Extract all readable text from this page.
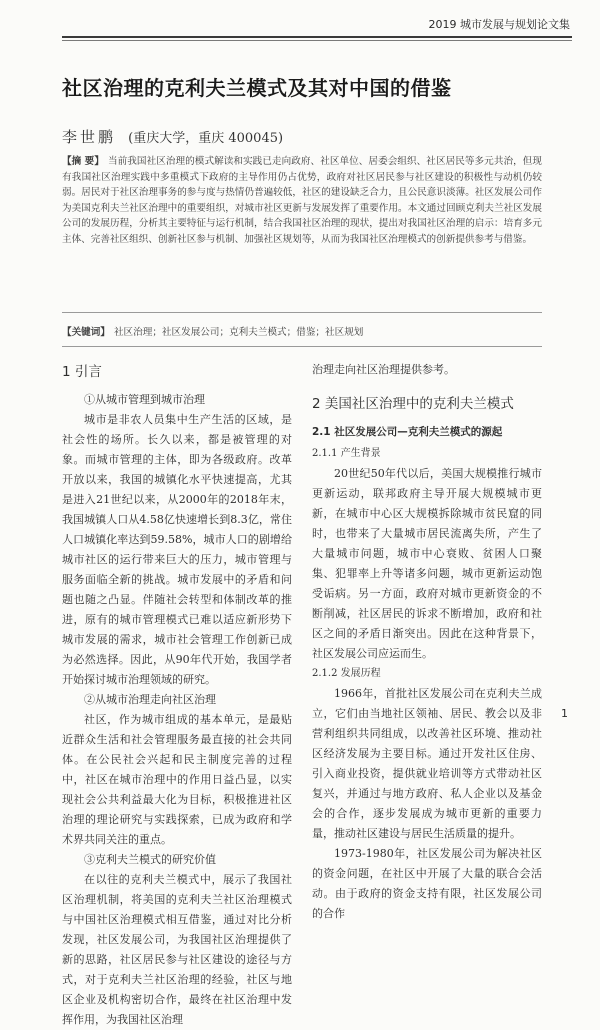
2019 城市发展与规划论文集
社区治理的克利夫兰模式及其对中国的借鉴
李世鹏 (重庆大学，重庆 400045)
【摘 要】 当前我国社区治理的模式解读和实践已走向政府、社区单位、居委会组织、社区居民等多元共治，但现有我国社区治理实践中多重模式下政府的主导作用仍占优势，政府对社区居民参与社区建设的积极性与动机仍较弱。居民对于社区治理事务的参与度与热情仍普遍较低，社区的建设缺乏合力，且公民意识淡薄。社区发展公司作为美国克利夫兰社区治理中的重要组织，对城市社区更新与发展发挥了重要作用。本文通过回顾克利夫兰社区发展公司的发展历程，分析其主要特征与运行机制，结合我国社区治理的现状，提出对我国社区治理的启示：培育多元主体、完善社区组织、创新社区参与机制、加强社区规划等，从而为我国社区治理模式的创新提供参考与借鉴。
【关键词】 社区治理；社区发展公司；克利夫兰模式；借鉴；社区规划
1 引言

①从城市管理到城市治理

城市是非农人员集中生产生活的区域，是社会性的场所。长久以来，都是被管理的对象。而城市管理的主体，即为各级政府。改革开放以来，我国的城镇化水平快速提高，尤其是进入21世纪以来，从2000年的2018年末，我国城镇人口从4.58亿快速增长到8.3亿，常住人口城镇化率达到59.58%，城市人口的剧增给城市社区的运行带来巨大的压力，城市管理与服务面临全新的挑战。城市发展中的矛盾和问题也随之凸显。伴随社会转型和体制改革的推进，原有的城市管理模式已难以适应新形势下城市发展的需求，城市社会管理工作创新已成为必然选择。因此，从90年代开始，我国学者开始探讨城市治理领域的研究。

②从城市治理走向社区治理

社区，作为城市组成的基本单元，是最贴近群众生活和社会管理服务最直接的社会共同体。在公民社会兴起和民主制度完善的过程中，社区在城市治理中的作用日益凸显，以实现社会公共利益最大化为目标，积极推进社区治理的理论研究与实践探索，已成为政府和学术界共同关注的重点。

③克利夫兰模式的研究价值

在以往的克利夫兰模式中，展示了我国社区治理机制，将美国的克利夫兰社区治理模式与中国社区治理模式相互借鉴，通过对比分析发现，社区发展公司，为我国社区治理提供了新的思路，社区居民参与社区建设的途径与方式，对于克利夫兰社区治理的经验，社区与地区企业及机构密切合作，最终在社区治理中发挥作用，为我国社区治理

治理走向社区治理提供参考。

2 美国社区治理中的克利夫兰模式
2.1 社区发展公司—克利夫兰模式的源起
2.1.1 产生背景

20世纪50年代以后，美国大规模推行城市更新运动，联邦政府主导开展大规模城市更新，在城市中心区大规模拆除城市贫民窟的同时，也带来了大量城市居民流离失所，产生了大量城市问题，城市中心衰败、贫困人口聚集、犯罪率上升等诸多问题，城市更新运动饱受诟病。另一方面，政府对城市更新资金的不断削减，社区居民的诉求不断增加，政府和社区之间的矛盾日渐突出。因此在这种背景下，社区发展公司应运而生。

2.1.2 发展历程

1966年，首批社区发展公司在克利夫兰成立，它们由当地社区领袖、居民、教会以及非营利组织共同组成，以改善社区环境、推动社区经济发展为主要目标。通过开发社区住房、引入商业投资，提供就业培训等方式带动社区复兴，并通过与地方政府、私人企业以及基金会的合作，逐步发展成为城市更新的重要力量，推动社区建设与居民生活质量的提升。

1973-1980年，社区发展公司为解决社区的资金问题，在社区中开展了大量的联合会活动。由于政府的资金支持有限，社区发展公司的合作

1
